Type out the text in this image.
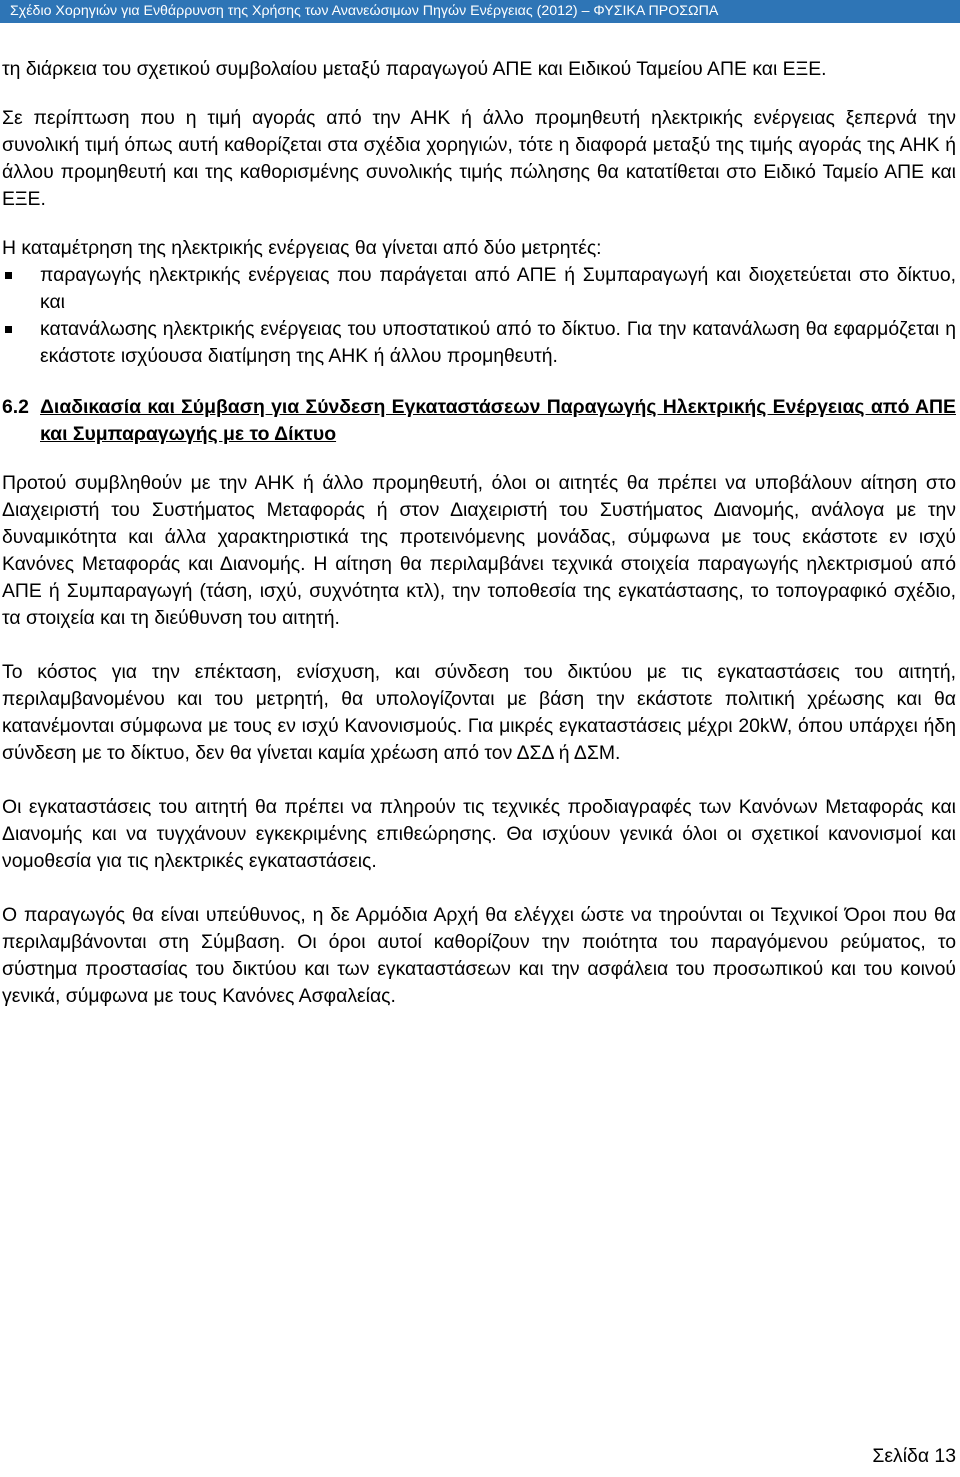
Σχέδιο Χορηγιών για Ενθάρρυνση της Χρήσης των Ανανεώσιμων Πηγών Ενέργειας (2012) – ΦΥΣΙΚΑ ΠΡΟΣΩΠΑ

τη διάρκεια του σχετικού συμβολαίου μεταξύ παραγωγού ΑΠΕ και Ειδικού Ταμείου ΑΠΕ και ΕΞΕ.

Σε περίπτωση που η τιμή αγοράς από την ΑΗΚ ή άλλο προμηθευτή ηλεκτρικής ενέργειας ξεπερνά την συνολική τιμή όπως αυτή καθορίζεται στα σχέδια χορηγιών, τότε η διαφορά μεταξύ της τιμής αγοράς της ΑΗΚ ή άλλου προμηθευτή και της καθορισμένης συνολικής τιμής πώλησης θα κατατίθεται στο Ειδικό Ταμείο ΑΠΕ και ΕΞΕ.

Η καταμέτρηση της ηλεκτρικής ενέργειας θα γίνεται από δύο μετρητές:

παραγωγής ηλεκτρικής ενέργειας που παράγεται από ΑΠΕ ή Συμπαραγωγή και διοχετεύεται στο δίκτυο, και
κατανάλωσης ηλεκτρικής ενέργειας του υποστατικού από το δίκτυο. Για την κατανάλωση θα εφαρμόζεται η εκάστοτε ισχύουσα διατίμηση της ΑΗΚ ή άλλου προμηθευτή.
6.2 Διαδικασία και Σύμβαση για Σύνδεση Εγκαταστάσεων Παραγωγής Ηλεκτρικής Ενέργειας από ΑΠΕ και Συμπαραγωγής με το Δίκτυο

Προτού συμβληθούν με την ΑΗΚ ή άλλο προμηθευτή, όλοι οι αιτητές θα πρέπει να υποβάλουν αίτηση στο Διαχειριστή του Συστήματος Μεταφοράς ή στον Διαχειριστή του Συστήματος Διανομής, ανάλογα με την δυναμικότητα και άλλα χαρακτηριστικά της προτεινόμενης μονάδας, σύμφωνα με τους εκάστοτε εν ισχύ Κανόνες Μεταφοράς και Διανομής. Η αίτηση θα περιλαμβάνει τεχνικά στοιχεία παραγωγής ηλεκτρισμού από ΑΠΕ ή Συμπαραγωγή (τάση, ισχύ, συχνότητα κτλ), την τοποθεσία της εγκατάστασης, το τοπογραφικό σχέδιο, τα στοιχεία και τη διεύθυνση του αιτητή.

Το κόστος για την επέκταση, ενίσχυση, και σύνδεση του δικτύου με τις εγκαταστάσεις του αιτητή, περιλαμβανομένου και του μετρητή, θα υπολογίζονται με βάση την εκάστοτε πολιτική χρέωσης και θα κατανέμονται σύμφωνα με τους εν ισχύ Κανονισμούς. Για μικρές εγκαταστάσεις μέχρι 20kW, όπου υπάρχει ήδη σύνδεση με το δίκτυο, δεν θα γίνεται καμία χρέωση από τον ΔΣΔ ή ΔΣΜ.

Οι εγκαταστάσεις του αιτητή θα πρέπει να πληρούν τις τεχνικές προδιαγραφές των Κανόνων Μεταφοράς και Διανομής και να τυγχάνουν εγκεκριμένης επιθεώρησης. Θα ισχύουν γενικά όλοι οι σχετικοί κανονισμοί και νομοθεσία για τις ηλεκτρικές εγκαταστάσεις.

Ο παραγωγός θα είναι υπεύθυνος, η δε Αρμόδια Αρχή θα ελέγχει ώστε να τηρούνται οι Τεχνικοί Όροι που θα περιλαμβάνονται στη Σύμβαση. Οι όροι αυτοί καθορίζουν την ποιότητα του παραγόμενου ρεύματος, το σύστημα προστασίας του δικτύου και των εγκαταστάσεων και την ασφάλεια του προσωπικού και του κοινού γενικά, σύμφωνα με τους Κανόνες Ασφαλείας.

Σελίδα 13
